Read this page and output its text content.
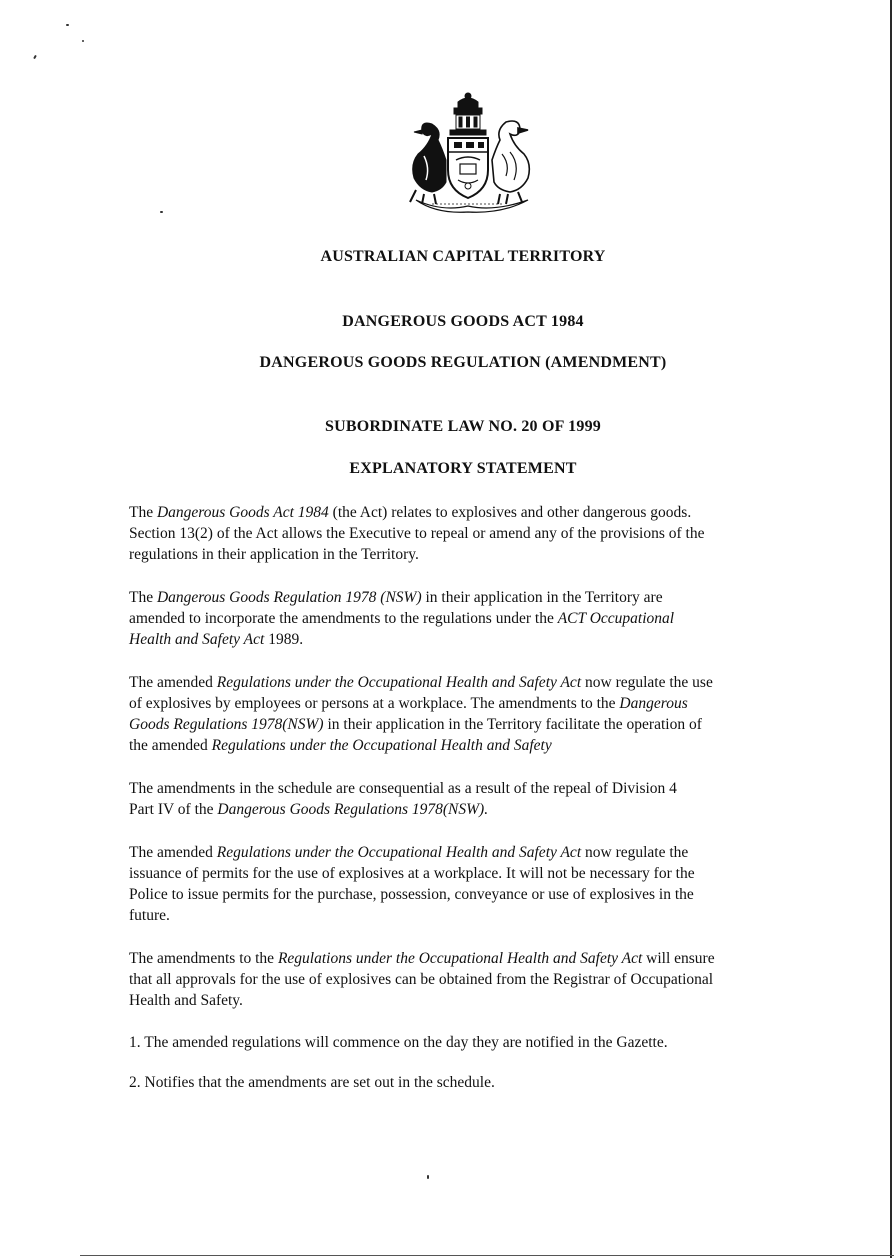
AUSTRALIAN CAPITAL TERRITORY
DANGEROUS GOODS ACT 1984
DANGEROUS GOODS REGULATION (AMENDMENT)
SUBORDINATE LAW NO. 20 OF 1999
EXPLANATORY STATEMENT
The Dangerous Goods Act 1984 (the Act) relates to explosives and other dangerous goods.
Section 13(2) of the Act allows the Executive to repeal or amend any of the provisions of the
regulations in their application in the Territory.
The Dangerous Goods Regulation 1978 (NSW) in their application in the Territory are
amended to incorporate the amendments to the regulations under the ACT Occupational
Health and Safety Act 1989.
The amended Regulations under the Occupational Health and Safety Act now regulate the use
of explosives by employees or persons at a workplace. The amendments to the Dangerous
Goods Regulations 1978(NSW) in their application in the Territory facilitate the operation of
the amended Regulations under the Occupational Health and Safety
The amendments in the schedule are consequential as a result of the repeal of Division 4
Part IV of the Dangerous Goods Regulations 1978(NSW).
The amended Regulations under the Occupational Health and Safety Act now regulate the
issuance of permits for the use of explosives at a workplace. It will not be necessary for the
Police to issue permits for the purchase, possession, conveyance or use of explosives in the
future.
The amendments to the Regulations under the Occupational Health and Safety Act will ensure
that all approvals for the use of explosives can be obtained from the Registrar of Occupational
Health and Safety.
1. The amended regulations will commence on the day they are notified in the Gazette.
2. Notifies that the amendments are set out in the schedule.
